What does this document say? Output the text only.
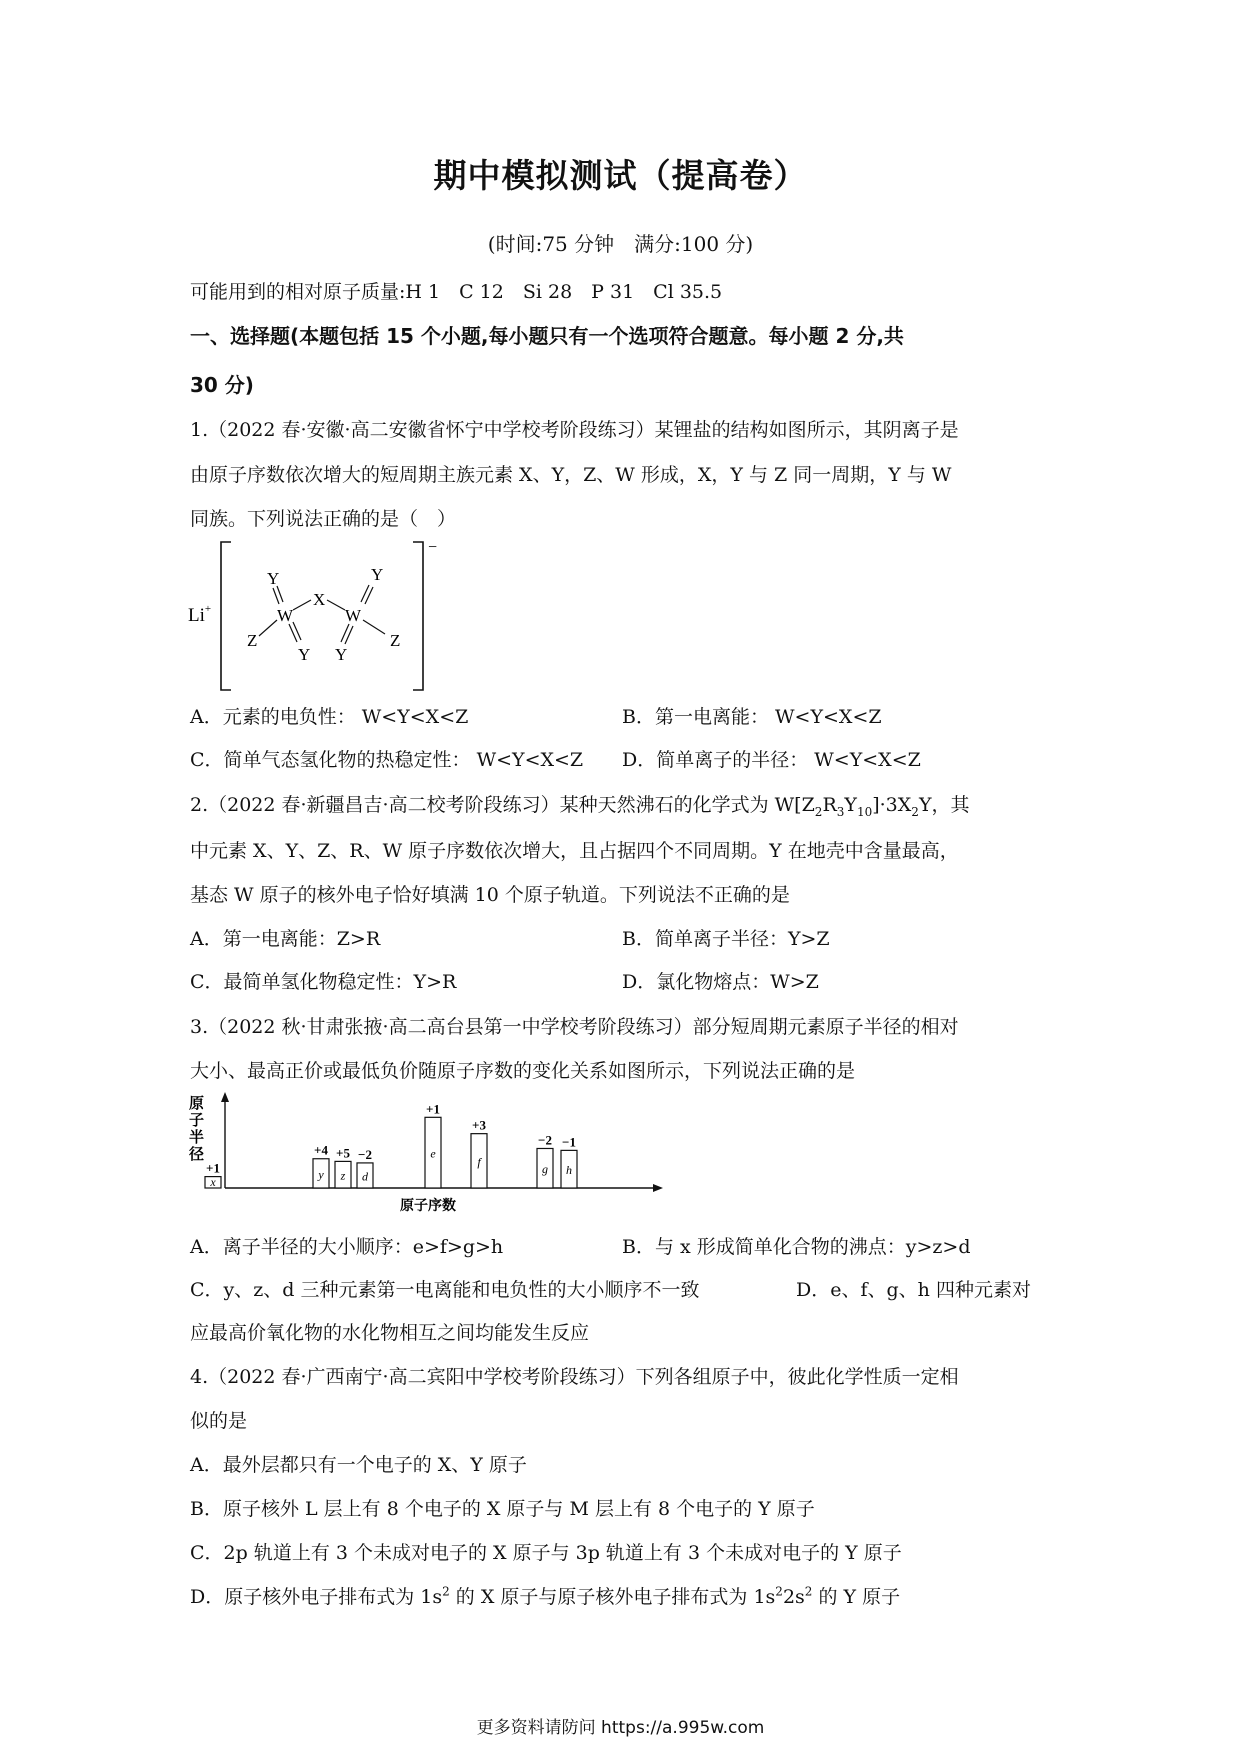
期中模拟测试（提高卷）
(时间:75 分钟　满分:100 分)
可能用到的相对原子质量:H 1　C 12　Si 28　P 31　Cl 35.5
一、选择题(本题包括 15 个小题,每小题只有一个选项符合题意。每小题 2 分,共
30 分)
1.（2022 春·安徽·高二安徽省怀宁中学校考阶段练习）某锂盐的结构如图所示，其阴离子是
由原子序数依次增大的短周期主族元素 X、Y，Z、W 形成，X，Y 与 Z 同一周期，Y 与 W
同族。下列说法正确的是（　）
Li+
−
Y
W
X
W
Y
Z
Y Y
Z
A．元素的电负性： W<Y<X<Z	B．第一电离能： W<Y<X<Z
C．简单气态氢化物的热稳定性： W<Y<X<Z D．简单离子的半径： W<Y<X<Z
2.（2022 春·新疆昌吉·高二校考阶段练习）某种天然沸石的化学式为 $W[Z_2R_3Y_{10}]\cdot 3X_2Y$，其
中元素 X、Y、Z、R、W 原子序数依次增大，且占据四个不同周期。Y 在地壳中含量最高，
基态 W 原子的核外电子恰好填满 10 个原子轨道。下列说法不正确的是
A．第一电离能：Z>R	B．简单离子半径：Y>Z
C．最简单氢化物稳定性：Y>R	D．氯化物熔点：W>Z
3.（2022 秋·甘肃张掖·高二高台县第一中学校考阶段练习）部分短周期元素原子半径的相对
大小、最高正价或最低负价随原子序数的变化关系如图所示，下列说法正确的是
原子半径
原子序数
x
+1	y
+4
z
+5
d
−2	e
+1
f
+3
g
−2
h
−1
A．离子半径的大小顺序：e>f>g>h	B．与 x 形成简单化合物的沸点：y>z>d
C．y、z、d 三种元素第一电离能和电负性的大小顺序不一致	D．e、f、g、h 四种元素对
应最高价氧化物的水化物相互之间均能发生反应
4.（2022 春·广西南宁·高二宾阳中学校考阶段练习）下列各组原子中，彼此化学性质一定相
似的是
A．最外层都只有一个电子的 X、Y 原子
B．原子核外 L 层上有 8 个电子的 X 原子与 M 层上有 8 个电子的 Y 原子
C．2p 轨道上有 3 个未成对电子的 X 原子与 3p 轨道上有 3 个未成对电子的 Y 原子
D．原子核外电子排布式为 $1s^2$ 的 X 原子与原子核外电子排布式为 $1s^22s^2$ 的 Y 原子
更多资料请防问 https://a.995w.com
